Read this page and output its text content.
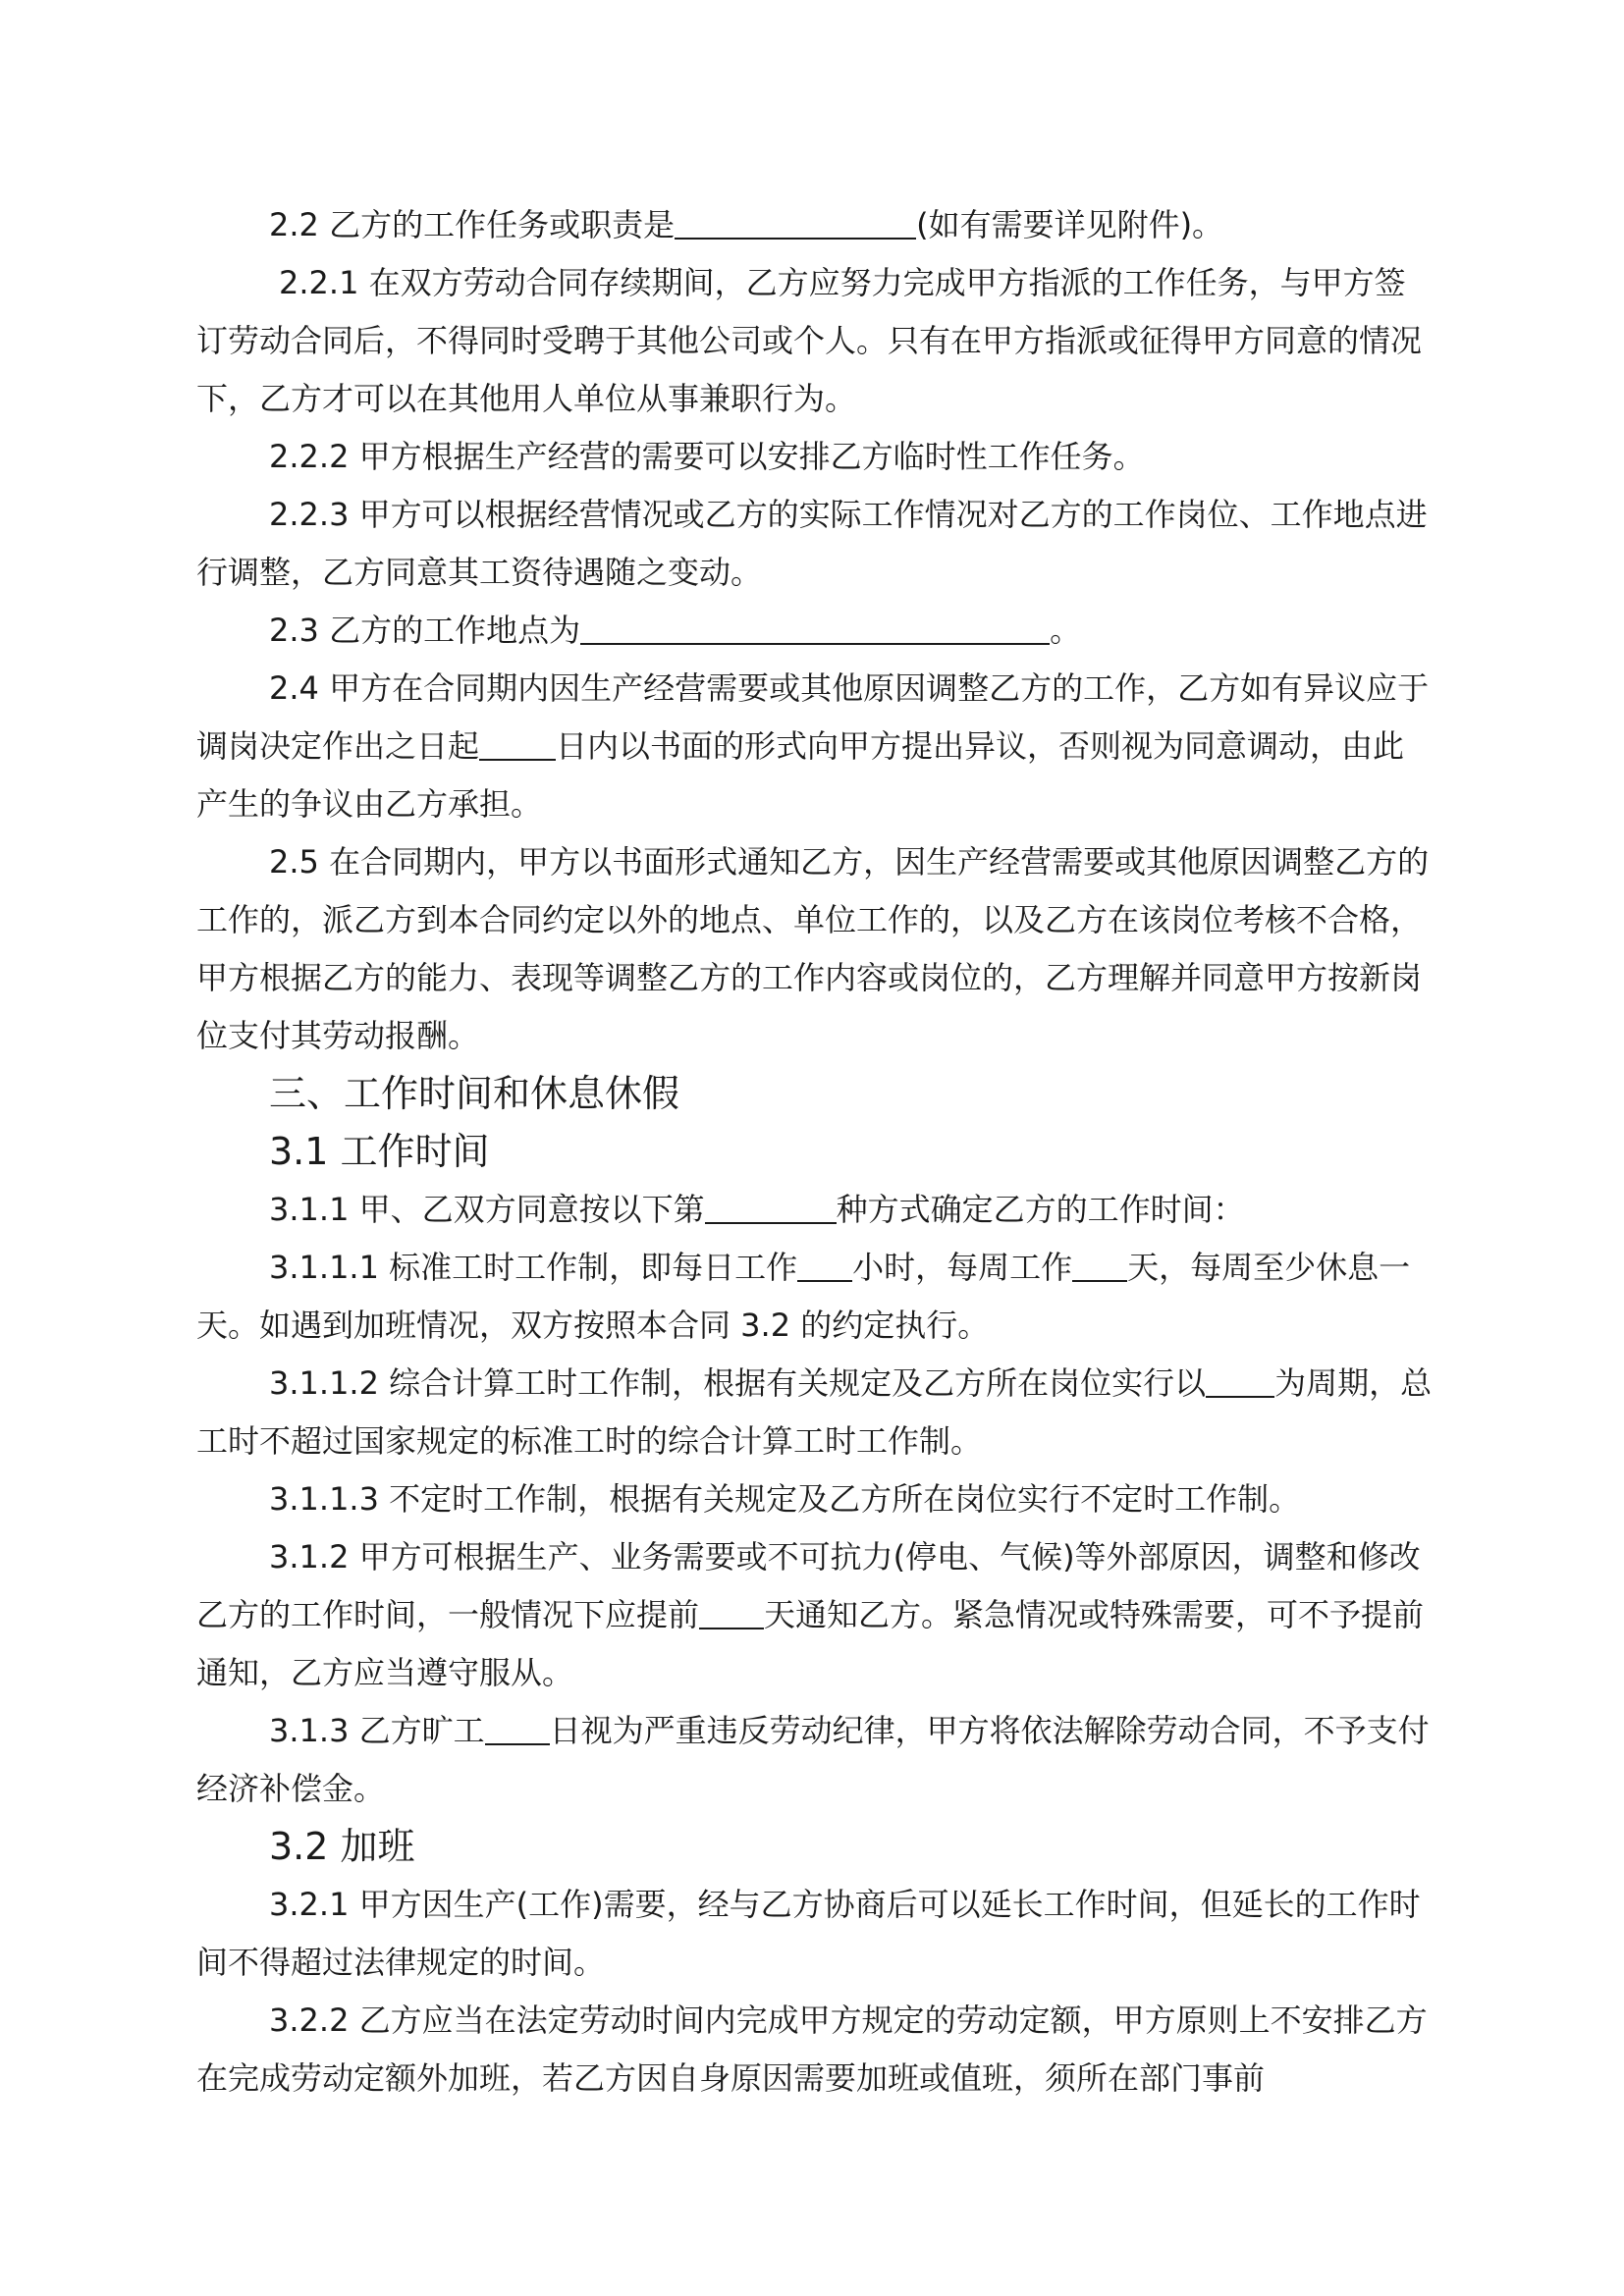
2.2 乙方的工作任务或职责是	(如有需要详见附件)。

2.2.1 在双方劳动合同存续期间，乙方应努力完成甲方指派的工作任务，与甲方签订劳动合同后，不得同时受聘于其他公司或个人。只有在甲方指派或征得甲方同意的情况下，乙方才可以在其他用人单位从事兼职行为。

2.2.2 甲方根据生产经营的需要可以安排乙方临时性工作任务。

2.2.3 甲方可以根据经营情况或乙方的实际工作情况对乙方的工作岗位、工作地点进行调整，乙方同意其工资待遇随之变动。

2.3 乙方的工作地点为	。

2.4 甲方在合同期内因生产经营需要或其他原因调整乙方的工作，乙方如有异议应于调岗决定作出之日起 日内以书面的形式向甲方提出异议，否则视为同意调动，由此产生的争议由乙方承担。

2.5 在合同期内，甲方以书面形式通知乙方，因生产经营需要或其他原因调整乙方的工作的，派乙方到本合同约定以外的地点、单位工作的，以及乙方在该岗位考核不合格，甲方根据乙方的能力、表现等调整乙方的工作内容或岗位的，乙方理解并同意甲方按新岗位支付其劳动报酬。

三、工作时间和休息休假

3.1 工作时间

3.1.1 甲、乙双方同意按以下第	种方式确定乙方的工作时间：

3.1.1.1 标准工时工作制，即每日工作 小时，每周工作 天，每周至少休息一天。如遇到加班情况，双方按照本合同 3.2 的约定执行。

3.1.1.2 综合计算工时工作制，根据有关规定及乙方所在岗位实行以 为周期，总工时不超过国家规定的标准工时的综合计算工时工作制。

3.1.1.3 不定时工作制，根据有关规定及乙方所在岗位实行不定时工作制。

3.1.2 甲方可根据生产、业务需要或不可抗力(停电、气候)等外部原因，调整和修改乙方的工作时间，一般情况下应提前 天通知乙方。紧急情况或特殊需要，可不予提前通知，乙方应当遵守服从。

3.1.3 乙方旷工 日视为严重违反劳动纪律，甲方将依法解除劳动合同，不予支付经济补偿金。

3.2 加班

3.2.1 甲方因生产(工作)需要，经与乙方协商后可以延长工作时间，但延长的工作时间不得超过法律规定的时间。

3.2.2 乙方应当在法定劳动时间内完成甲方规定的劳动定额，甲方原则上不安排乙方在完成劳动定额外加班，若乙方因自身原因需要加班或值班，须所在部门事前
